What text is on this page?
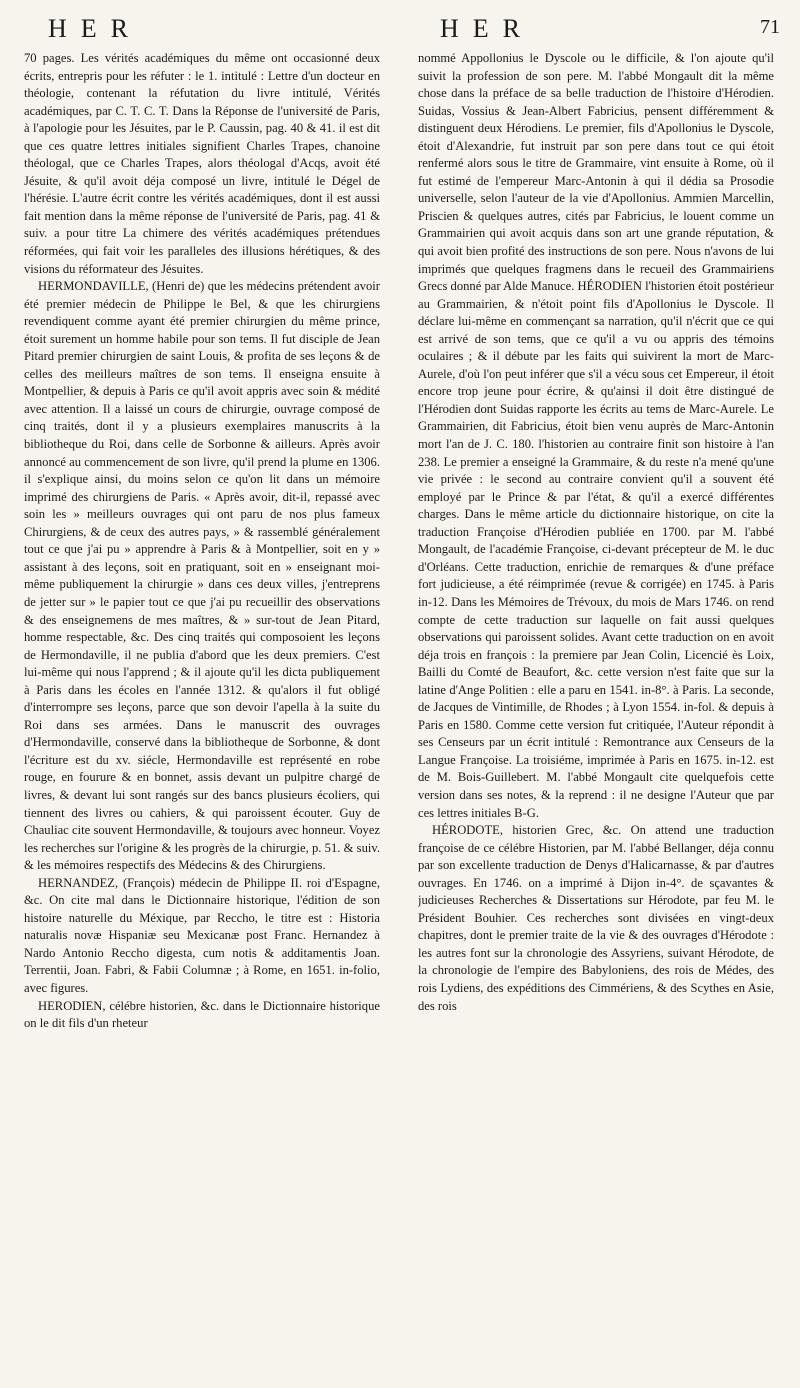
HER	HER	71

70 pages. Les vérités académiques du même ont occasionné deux écrits, entrepris pour les réfuter : le 1. intitulé : Lettre d'un docteur en théologie, contenant la réfutation du livre intitulé, Vérités académiques, par C. T. C. T. Dans la Réponse de l'université de Paris, à l'apologie pour les Jésuites, par le P. Caussin, pag. 40 & 41. il est dit que ces quatre lettres initiales signifient Charles Trapes, chanoine théologal, que ce Charles Trapes, alors théologal d'Acqs, avoit été Jésuite, & qu'il avoit déja composé un livre, intitulé le Dégel de l'hérésie. L'autre écrit contre les vérités académiques, dont il est aussi fait mention dans la même réponse de l'université de Paris, pag. 41 & suiv. a pour titre La chimere des vérités académiques prétendues réformées, qui fait voir les paralleles des illusions hérétiques, & des visions du réformateur des Jésuites.

HERMONDAVILLE, (Henri de) que les médecins prétendent avoir été premier médecin de Philippe le Bel, & que les chirurgiens revendiquent comme ayant été premier chirurgien du même prince, étoit surement un homme habile pour son tems. Il fut disciple de Jean Pitard premier chirurgien de saint Louis, & profita de ses leçons & de celles des meilleurs maîtres de son tems. Il enseigna ensuite à Montpellier, & depuis à Paris ce qu'il avoit appris avec soin & médité avec attention. Il a laissé un cours de chirurgie, ouvrage composé de cinq traités, dont il y a plusieurs exemplaires manuscrits à la bibliotheque du Roi, dans celle de Sorbonne & ailleurs. Après avoir annoncé au commencement de son livre, qu'il prend la plume en 1306. il s'explique ainsi, du moins selon ce qu'on lit dans un mémoire imprimé des chirurgiens de Paris. « Après avoir, dit-il, repassé avec soin les » meilleurs ouvrages qui ont paru de nos plus fameux Chirurgiens, & de ceux des autres pays, » & rassemblé généralement tout ce que j'ai pu » apprendre à Paris & à Montpellier, soit en y » assistant à des leçons, soit en pratiquant, soit en » enseignant moi-même publiquement la chirurgie » dans ces deux villes, j'entreprens de jetter sur » le papier tout ce que j'ai pu recueillir des observations & des enseignemens de mes maîtres, & » sur-tout de Jean Pitard, homme respectable, &c. Des cinq traités qui composoient les leçons de Hermondaville, il ne publia d'abord que les deux premiers. C'est lui-même qui nous l'apprend ; & il ajoute qu'il les dicta publiquement à Paris dans les écoles en l'année 1312. & qu'alors il fut obligé d'interrompre ses leçons, parce que son devoir l'apella à la suite du Roi dans ses armées. Dans le manuscrit des ouvrages d'Hermondaville, conservé dans la bibliotheque de Sorbonne, & dont l'écriture est du xv. siécle, Hermondaville est représenté en robe rouge, en fourure & en bonnet, assis devant un pulpitre chargé de livres, & devant lui sont rangés sur des bancs plusieurs écoliers, qui tiennent des livres ou cahiers, & qui paroissent écouter. Guy de Chauliac cite souvent Hermondaville, & toujours avec honneur. Voyez les recherches sur l'origine & les progrès de la chirurgie, p. 51. & suiv. & les mémoires respectifs des Médecins & des Chirurgiens.

HERNANDEZ, (François) médecin de Philippe II. roi d'Espagne, &c. On cite mal dans le Dictionnaire historique, l'édition de son histoire naturelle du Méxique, par Reccho, le titre est : Historia naturalis novæ Hispaniæ seu Mexicanæ post Franc. Hernandez à Nardo Antonio Reccho digesta, cum notis & additamentis Joan. Terrentii, Joan. Fabri, & Fabii Columnæ ; à Rome, en 1651. in-folio, avec figures.

HERODIEN, célébre historien, &c. dans le Dictionnaire historique on le dit fils d'un rheteur

nommé Appollonius le Dyscole ou le difficile, & l'on ajoute qu'il suivit la profession de son pere. M. l'abbé Mongault dit la même chose dans la préface de sa belle traduction de l'histoire d'Hérodien. Suidas, Vossius & Jean-Albert Fabricius, pensent différemment & distinguent deux Hérodiens. Le premier, fils d'Apollonius le Dyscole, étoit d'Alexandrie, fut instruit par son pere dans tout ce qui étoit renfermé alors sous le titre de Grammaire, vint ensuite à Rome, où il fut estimé de l'empereur Marc-Antonin à qui il dédia sa Prosodie universelle, selon l'auteur de la vie d'Apollonius. Ammien Marcellin, Priscien & quelques autres, cités par Fabricius, le louent comme un Grammairien qui avoit acquis dans son art une grande réputation, & qui avoit bien profité des instructions de son pere. Nous n'avons de lui imprimés que quelques fragmens dans le recueil des Grammairiens Grecs donné par Alde Manuce. HÉRODIEN l'historien étoit postérieur au Grammairien, & n'étoit point fils d'Apollonius le Dyscole. Il déclare lui-même en commençant sa narration, qu'il n'écrit que ce qui est arrivé de son tems, que ce qu'il a vu ou appris des témoins oculaires ; & il débute par les faits qui suivirent la mort de Marc-Aurele, d'où l'on peut inférer que s'il a vécu sous cet Empereur, il étoit encore trop jeune pour écrire, & qu'ainsi il doit être distingué de l'Hérodien dont Suidas rapporte les écrits au tems de Marc-Aurele. Le Grammairien, dit Fabricius, étoit bien venu auprès de Marc-Antonin mort l'an de J. C. 180. l'historien au contraire finit son histoire à l'an 238. Le premier a enseigné la Grammaire, & du reste n'a mené qu'une vie privée : le second au contraire convient qu'il a souvent été employé par le Prince & par l'état, & qu'il a exercé différentes charges. Dans le même article du dictionnaire historique, on cite la traduction Françoise d'Hérodien publiée en 1700. par M. l'abbé Mongault, de l'académie Françoise, ci-devant précepteur de M. le duc d'Orléans. Cette traduction, enrichie de remarques & d'une préface fort judicieuse, a été réimprimée (revue & corrigée) en 1745. à Paris in-12. Dans les Mémoires de Trévoux, du mois de Mars 1746. on rend compte de cette traduction sur laquelle on fait aussi quelques observations qui paroissent solides. Avant cette traduction on en avoit déja trois en françois : la premiere par Jean Colin, Licencié ès Loix, Bailli du Comté de Beaufort, &c. cette version n'est faite que sur la latine d'Ange Politien : elle a paru en 1541. in-8°. à Paris. La seconde, de Jacques de Vintimille, de Rhodes ; à Lyon 1554. in-fol. & depuis à Paris en 1580. Comme cette version fut critiquée, l'Auteur répondit à ses Censeurs par un écrit intitulé : Remontrance aux Censeurs de la Langue Françoise. La troisiéme, imprimée à Paris en 1675. in-12. est de M. Bois-Guillebert. M. l'abbé Mongault cite quelquefois cette version dans ses notes, & la reprend : il ne designe l'Auteur que par ces lettres initiales B-G.

HÉRODOTE, historien Grec, &c. On attend une traduction françoise de ce célébre Historien, par M. l'abbé Bellanger, déja connu par son excellente traduction de Denys d'Halicarnasse, & par d'autres ouvrages. En 1746. on a imprimé à Dijon in-4°. de sçavantes & judicieuses Recherches & Dissertations sur Hérodote, par feu M. le Président Bouhier. Ces recherches sont divisées en vingt-deux chapitres, dont le premier traite de la vie & des ouvrages d'Hérodote : les autres font sur la chronologie des Assyriens, suivant Hérodote, de la chronologie de l'empire des Babyloniens, des rois de Médes, des rois Lydiens, des expéditions des Cimmériens, & des Scythes en Asie, des rois
